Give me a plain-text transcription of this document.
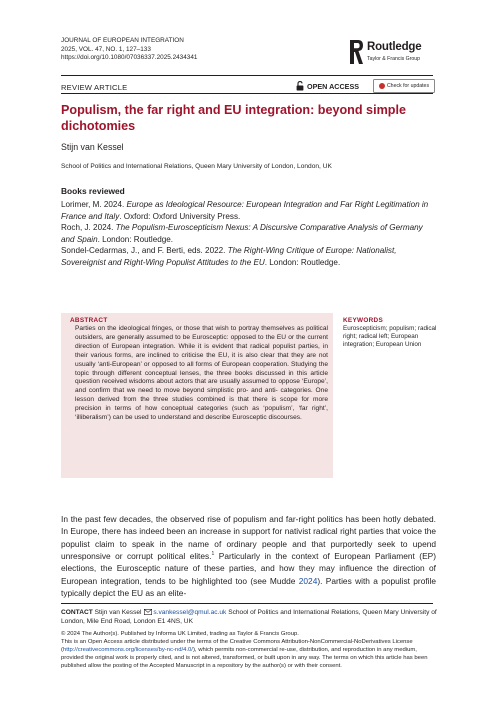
JOURNAL OF EUROPEAN INTEGRATION
2025, VOL. 47, NO. 1, 127–133
https://doi.org/10.1080/07036337.2025.2434341
Routledge
Taylor & Francis Group
REVIEW ARTICLE	OPEN ACCESS	Check for updates
Populism, the far right and EU integration: beyond simple dichotomies
Stijn van Kessel
School of Politics and International Relations, Queen Mary University of London, London, UK
Books reviewed

Lorimer, M. 2024. Europe as Ideological Resource: European Integration and Far Right Legitimation in France and Italy. Oxford: Oxford University Press.

Roch, J. 2024. The Populism-Euroscepticism Nexus: A Discursive Comparative Analysis of Germany and Spain. London: Routledge.

Sondel-Cedarmas, J., and F. Berti, eds. 2022. The Right-Wing Critique of Europe: Nationalist, Sovereignist and Right-Wing Populist Attitudes to the EU. London: Routledge.

ABSTRACT
Parties on the ideological fringes, or those that wish to portray themselves as political outsiders, are generally assumed to be Eurosceptic: opposed to the EU or the current direction of European integration. While it is evident that radical populist parties, in their various forms, are inclined to criticise the EU, it is also clear that they are not usually ‘anti-European’ or opposed to all forms of European cooperation. Studying the topic through different conceptual lenses, the three books discussed in this article question received wisdoms about actors that are usually assumed to oppose ‘Europe’, and confirm that we need to move beyond simplistic pro- and anti- categories. One lesson derived from the three studies combined is that there is scope for more precision in terms of how conceptual categories (such as ‘populism’, ‘far right’, ‘illiberalism’) can be used to understand and describe Eurosceptic discourses.
KEYWORDS
Euroscepticism; populism; radical right; radical left; European integration; European Union
In the past few decades, the observed rise of populism and far-right politics has been hotly debated. In Europe, there has indeed been an increase in support for nativist radical right parties that voice the populist claim to speak in the name of ordinary people and that purportedly seek to upend unresponsive or corrupt political elites.$^1$ Particularly in the context of European Parliament (EP) elections, the Eurosceptic nature of these parties, and how they may influence the direction of European integration, tends to be highlighted too (see Mudde 2024). Parties with a populist profile typically depict the EU as an elite-
CONTACT Stijn van Kessel s.vankessel@qmul.ac.uk School of Politics and International Relations, Queen Mary University of London, Mile End Road, London E1 4NS, UK

© 2024 The Author(s). Published by Informa UK Limited, trading as Taylor & Francis Group.

This is an Open Access article distributed under the terms of the Creative Commons Attribution-NonCommercial-NoDerivatives License (http://creativecommons.org/licenses/by-nc-nd/4.0/), which permits non-commercial re-use, distribution, and reproduction in any medium, provided the original work is properly cited, and is not altered, transformed, or built upon in any way. The terms on which this article has been published allow the posting of the Accepted Manuscript in a repository by the author(s) or with their consent.
